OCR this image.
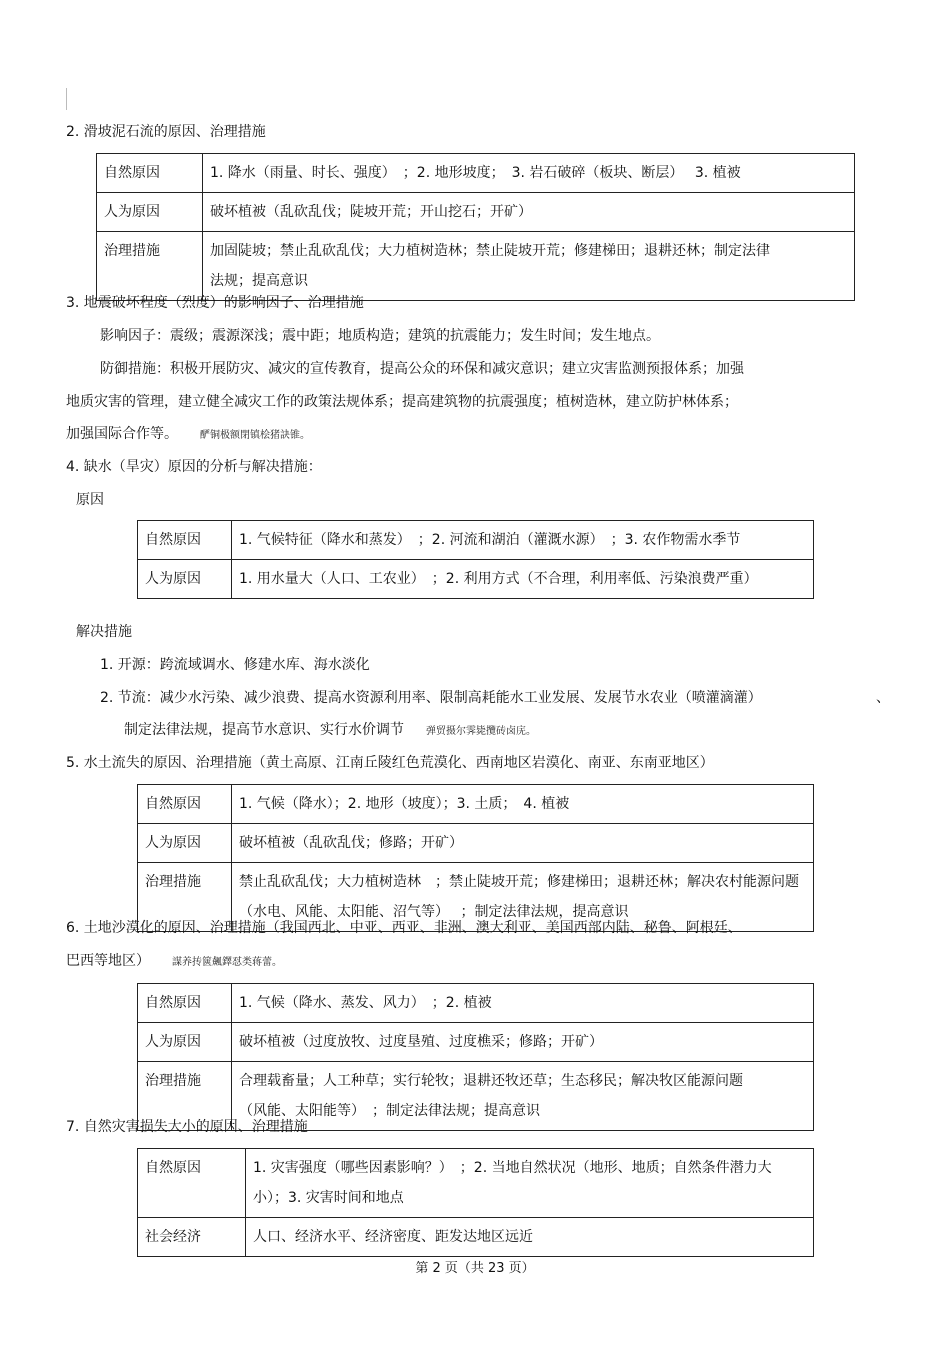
2. 滑坡泥石流的原因、治理措施
自然原因	1. 降水（雨量、时长、强度）　；2. 地形坡度；　3. 岩石破碎（板块、断层）　 3. 植被
人为原因	破坏植被（乱砍乱伐；陡坡开荒；开山挖石；开矿）
治理措施	加固陡坡；禁止乱砍乱伐；大力植树造林；禁止陡坡开荒；修建梯田；退耕还林；制定法律法规；提高意识
3. 地震破坏程度（烈度）的影响因子、治理措施
影响因子：震级；震源深浅；震中距；地质构造；建筑的抗震能力；发生时间；发生地点。
防御措施：积极开展防灾、减灾的宣传教育，提高公众的环保和减灾意识；建立灾害监测预报体系；加强
地质灾害的管理，建立健全减灾工作的政策法规体系；提高建筑物的抗震强度；植树造林，建立防护林体系；
加强国际合作等。 酽铜极额閉镇桧猪訣锥。
4. 缺水（旱灾）原因的分析与解决措施：
原因
自然原因	1. 气候特征（降水和蒸发）　；2. 河流和湖泊（灌溉水源）　；3. 农作物需水季节
人为原因	1. 用水量大（人口、工农业）　；2. 利用方式（不合理，利用率低、污染浪费严重）
解决措施
1. 开源：跨流域调水、修建水库、海水淡化
2. 节流：减少水污染、减少浪费、提高水资源利用率、限制高耗能水工业发展、发展节水农业（喷灌滴灌）	、
制定法律法规，提高节水意识、实行水价调节 弹贸摄尔霁毙攬砖卤庑。
5. 水土流失的原因、治理措施（黄土高原、江南丘陵红色荒漠化、西南地区岩漠化、南亚、东南亚地区）
自然原因	1. 气候（降水）；2. 地形（坡度）；3. 土质；　4. 植被
人为原因	破坏植被（乱砍乱伐；修路；开矿）
治理措施	禁止乱砍乱伐；大力植树造林　；禁止陡坡开荒；修建梯田；退耕还林；解决农村能源问题（水电、风能、太阳能、沼气等）　 ；制定法律法规，提高意识
6. 土地沙漠化的原因、治理措施（我国西北、中亚、西亚、非洲、澳大利亚、美国西部内陆、秘鲁、阿根廷、
巴西等地区） 謀养抟篋飆鐸怼类蒋蕾。
自然原因	1. 气候（降水、蒸发、风力）　；2. 植被
人为原因	破坏植被（过度放牧、过度垦殖、过度樵采；修路；开矿）
治理措施	合理载畜量；人工种草；实行轮牧；退耕还牧还草；生态移民；解决牧区能源问题（风能、太阳能等）　；制定法律法规；提高意识
7. 自然灾害损失大小的原因、治理措施
自然原因	1. 灾害强度（哪些因素影响？）　；2. 当地自然状况（地形、地质；自然条件潜力大小）；3. 灾害时间和地点
社会经济	人口、经济水平、经济密度、距发达地区远近
第 2 页（共 23 页）
